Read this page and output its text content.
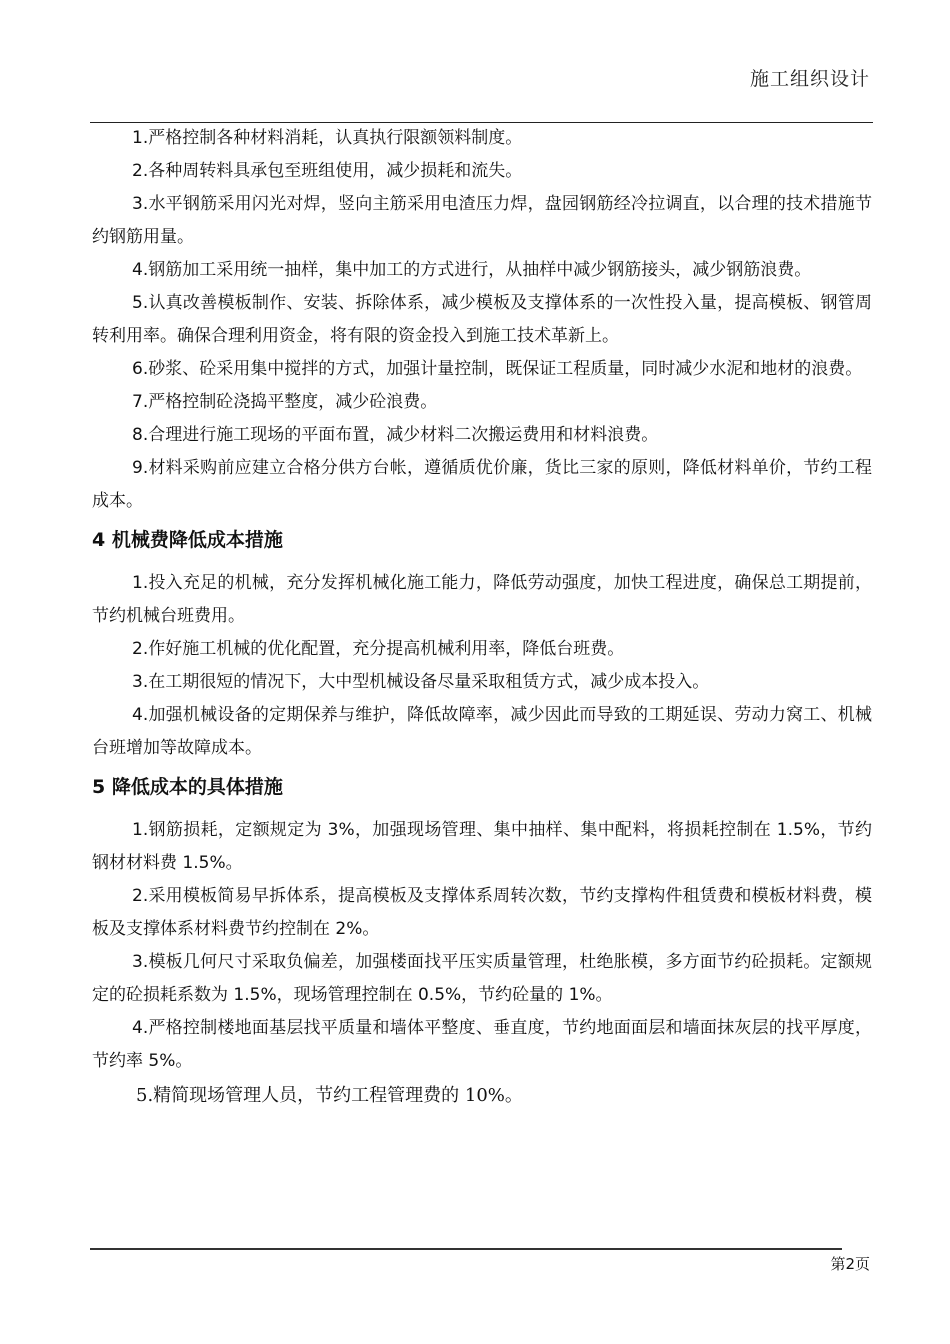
施工组织设计

1.严格控制各种材料消耗，认真执行限额领料制度。

2.各种周转料具承包至班组使用，减少损耗和流失。

3.水平钢筋采用闪光对焊，竖向主筋采用电渣压力焊，盘园钢筋经冷拉调直，以合理的技术措施节约钢筋用量。

4.钢筋加工采用统一抽样，集中加工的方式进行，从抽样中减少钢筋接头，减少钢筋浪费。

5.认真改善模板制作、安装、拆除体系，减少模板及支撑体系的一次性投入量，提高模板、钢管周转利用率。确保合理利用资金，将有限的资金投入到施工技术革新上。

6.砂浆、砼采用集中搅拌的方式，加强计量控制，既保证工程质量，同时减少水泥和地材的浪费。

7.严格控制砼浇捣平整度，减少砼浪费。

8.合理进行施工现场的平面布置，减少材料二次搬运费用和材料浪费。

9.材料采购前应建立合格分供方台帐，遵循质优价廉，货比三家的原则，降低材料单价，节约工程成本。

4 机械费降低成本措施

1.投入充足的机械，充分发挥机械化施工能力，降低劳动强度，加快工程进度，确保总工期提前，节约机械台班费用。

2.作好施工机械的优化配置，充分提高机械利用率，降低台班费。

3.在工期很短的情况下，大中型机械设备尽量采取租赁方式，减少成本投入。

4.加强机械设备的定期保养与维护，降低故障率，减少因此而导致的工期延误、劳动力窝工、机械台班增加等故障成本。

5 降低成本的具体措施

1.钢筋损耗，定额规定为 3%，加强现场管理、集中抽样、集中配料，将损耗控制在 1.5%，节约钢材材料费 1.5%。

2.采用模板简易早拆体系，提高模板及支撑体系周转次数，节约支撑构件租赁费和模板材料费，模板及支撑体系材料费节约控制在 2%。

3.模板几何尺寸采取负偏差，加强楼面找平压实质量管理，杜绝胀模，多方面节约砼损耗。定额规定的砼损耗系数为 1.5%，现场管理控制在 0.5%，节约砼量的 1%。

4.严格控制楼地面基层找平质量和墙体平整度、垂直度，节约地面面层和墙面抹灰层的找平厚度，节约率 5%。

5.精简现场管理人员，节约工程管理费的 10%。

第2页
